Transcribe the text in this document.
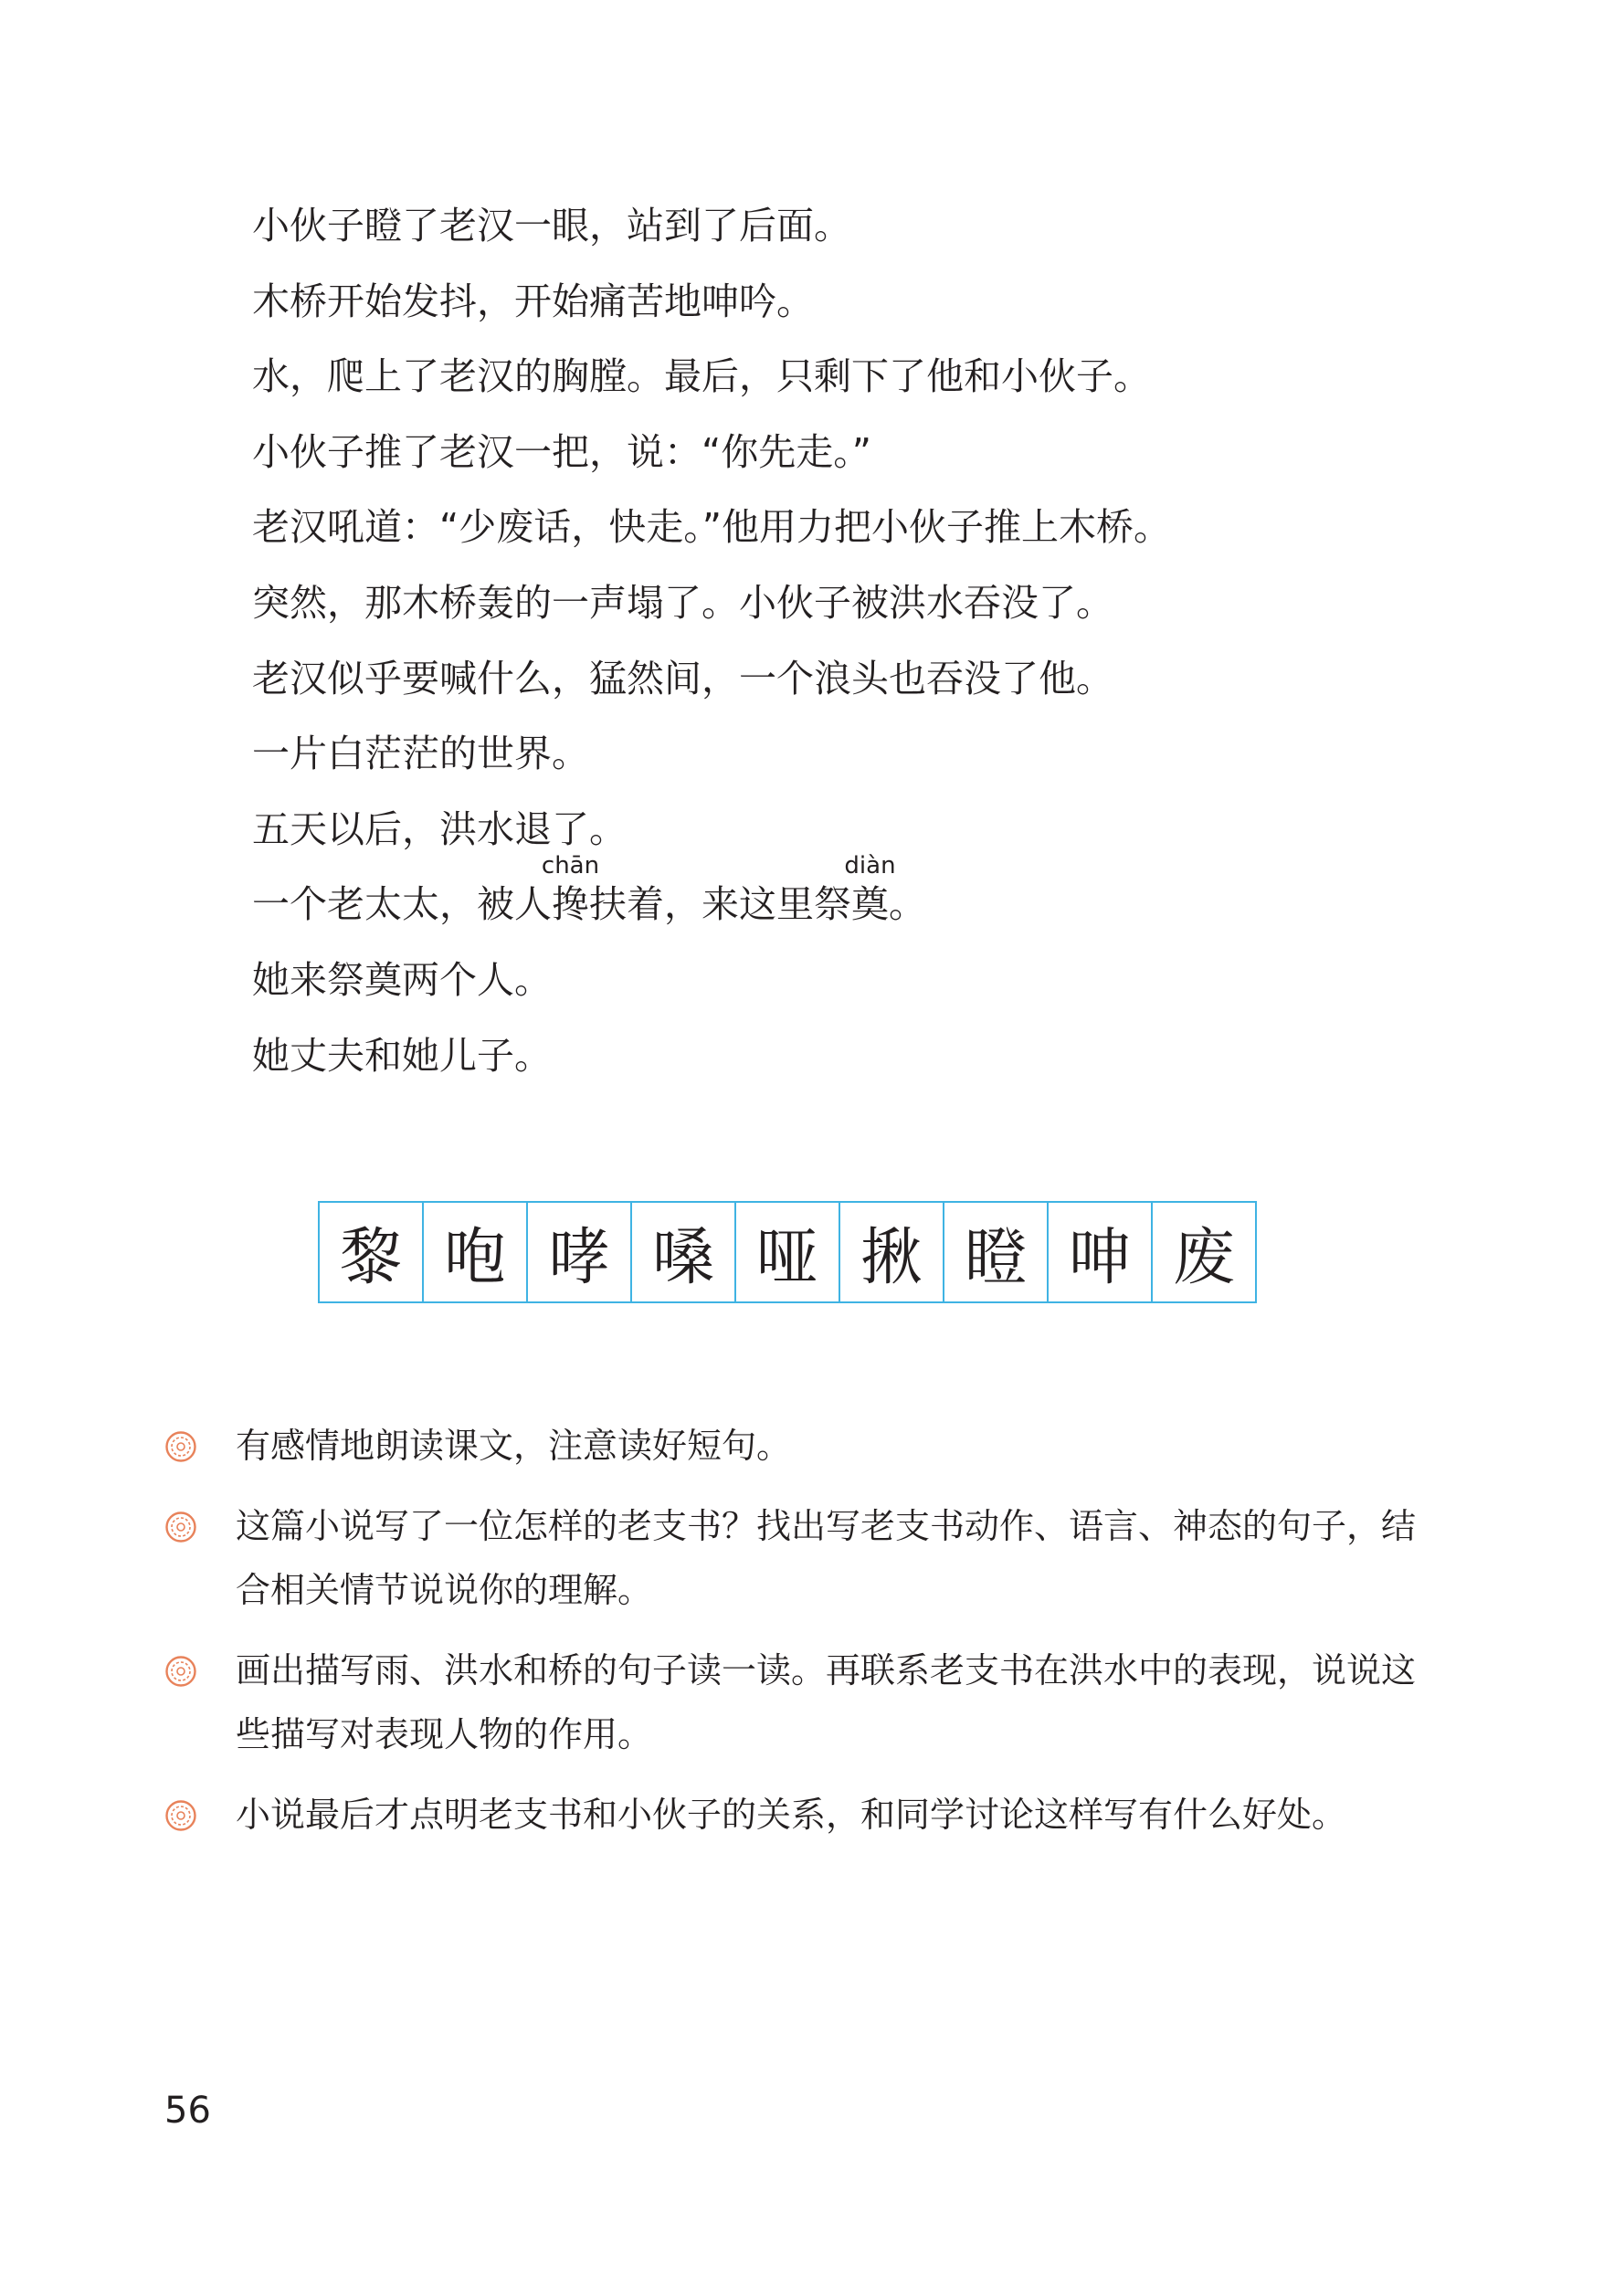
小伙子瞪了老汉一眼，站到了后面。
木桥开始发抖，开始痛苦地呻吟。
水，爬上了老汉的胸膛。最后，只剩下了他和小伙子。
小伙子推了老汉一把，说：“你先走。”
老汉吼道：“少废话，快走。”他用力把小伙子推上木桥。
突然，那木桥轰的一声塌了。小伙子被洪水吞没了。
老汉似乎要喊什么，猛然间，一个浪头也吞没了他。
一片白茫茫的世界。
五天以后，洪水退了。
一个老太太，被人
chān
搀扶着，来这里祭
diàn
奠。
她来祭奠两个人。
她丈夫和她儿子。
黎 咆 哮 嗓 哑 揪 瞪 呻 废
有感情地朗读课文，注意读好短句。
这篇小说写了一位怎样的老支书？找出写老支书动作、语言、神态的句子，结合相关情节说说你的理解。
画出描写雨、洪水和桥的句子读一读。再联系老支书在洪水中的表现，说说这些描写对表现人物的作用。
小说最后才点明老支书和小伙子的关系，和同学讨论这样写有什么好处。
56
